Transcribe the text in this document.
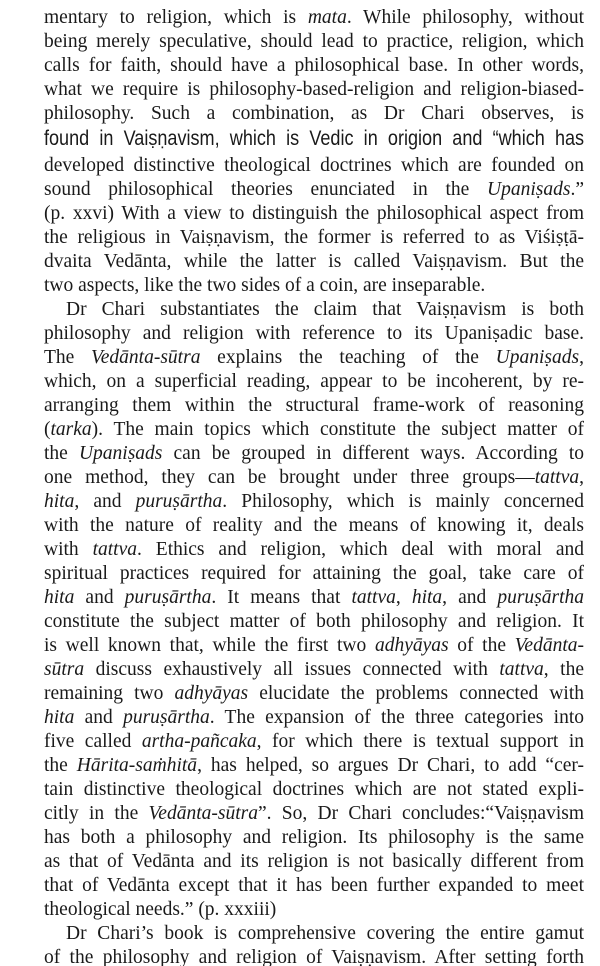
mentary to religion, which is mata. While philosophy, without
being merely speculative, should lead to practice, religion, which
calls for faith, should have a philosophical base. In other words,
what we require is philosophy-based-religion and religion-biased-
philosophy. Such a combination, as Dr Chari observes, is
found in Vaiṣṇavism, which is Vedic in origion and “which has
developed distinctive theological doctrines which are founded on
sound philosophical theories enunciated in the Upaniṣads.”
(p. xxvi) With a view to distinguish the philosophical aspect from
the religious in Vaiṣṇavism, the former is referred to as Viśiṣṭā-
dvaita Vedānta, while the latter is called Vaiṣṇavism. But the
two aspects, like the two sides of a coin, are inseparable.
Dr Chari substantiates the claim that Vaiṣṇavism is both
philosophy and religion with reference to its Upaniṣadic base.
The Vedānta-sūtra explains the teaching of the Upaniṣads,
which, on a superficial reading, appear to be incoherent, by re-
arranging them within the structural frame-work of reasoning
(tarka). The main topics which constitute the subject matter of
the Upaniṣads can be grouped in different ways. According to
one method, they can be brought under three groups—tattva,
hita, and puruṣārtha. Philosophy, which is mainly concerned
with the nature of reality and the means of knowing it, deals
with tattva. Ethics and religion, which deal with moral and
spiritual practices required for attaining the goal, take care of
hita and puruṣārtha. It means that tattva, hita, and puruṣārtha
constitute the subject matter of both philosophy and religion. It
is well known that, while the first two adhyāyas of the Vedānta-
sūtra discuss exhaustively all issues connected with tattva, the
remaining two adhyāyas elucidate the problems connected with
hita and puruṣārtha. The expansion of the three categories into
five called artha-pañcaka, for which there is textual support in
the Hārita-saṁhitā, has helped, so argues Dr Chari, to add “cer-
tain distinctive theological doctrines which are not stated expli-
citly in the Vedānta-sūtra”. So, Dr Chari concludes:“Vaiṣṇavism
has both a philosophy and religion. Its philosophy is the same
as that of Vedānta and its religion is not basically different from
that of Vedānta except that it has been further expanded to meet
theological needs.” (p. xxxiii)
Dr Chari’s book is comprehensive covering the entire gamut
of the philosophy and religion of Vaiṣṇavism. After setting forth
